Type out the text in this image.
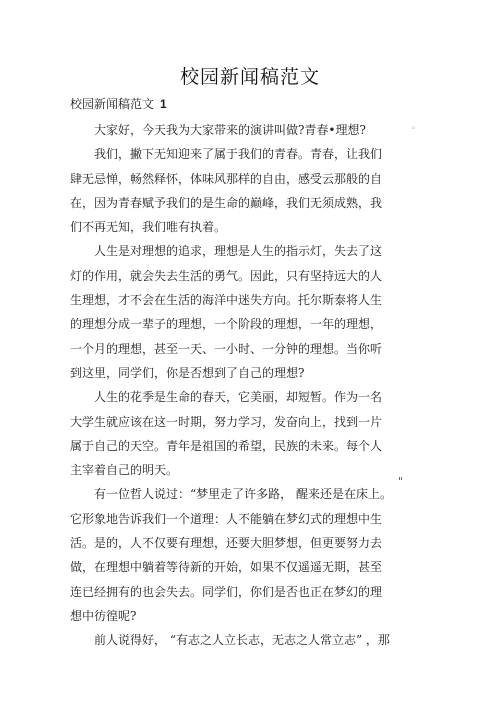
校园新闻稿范文
校园新闻稿范文 1
。
"
大家好，今天我为大家带来的演讲叫做?青春•理想?
我们，撇下无知迎来了属于我们的青春。青春，让我们
肆无忌惮，畅然释怀，体味风那样的自由，感受云那般的自
在，因为青春赋予我们的是生命的巅峰，我们无须成熟，我
们不再无知，我们唯有执着。
人生是对理想的追求，理想是人生的指示灯，失去了这
灯的作用，就会失去生活的勇气。因此，只有坚持远大的人
生理想，才不会在生活的海洋中迷失方向。托尔斯泰将人生
的理想分成一辈子的理想，一个阶段的理想，一年的理想，
一个月的理想，甚至一天、一小时、一分钟的理想。当你听
到这里，同学们，你是否想到了自己的理想?
人生的花季是生命的春天，它美丽，却短暂。作为一名
大学生就应该在这一时期，努力学习，发奋向上，找到一片
属于自己的天空。青年是祖国的希望，民族的未来。每个人
主宰着自己的明天。
有一位哲人说过：“梦里走了许多路， 醒来还是在床上。
它形象地告诉我们一个道理：人不能躺在梦幻式的理想中生
活。是的，人不仅要有理想，还要大胆梦想，但更要努力去
做，在理想中躺着等待新的开始，如果不仅遥遥无期，甚至
连已经拥有的也会失去。同学们，你们是否也正在梦幻的理
想中彷徨呢?
前人说得好， “有志之人立长志，无志之人常立志” ，那
